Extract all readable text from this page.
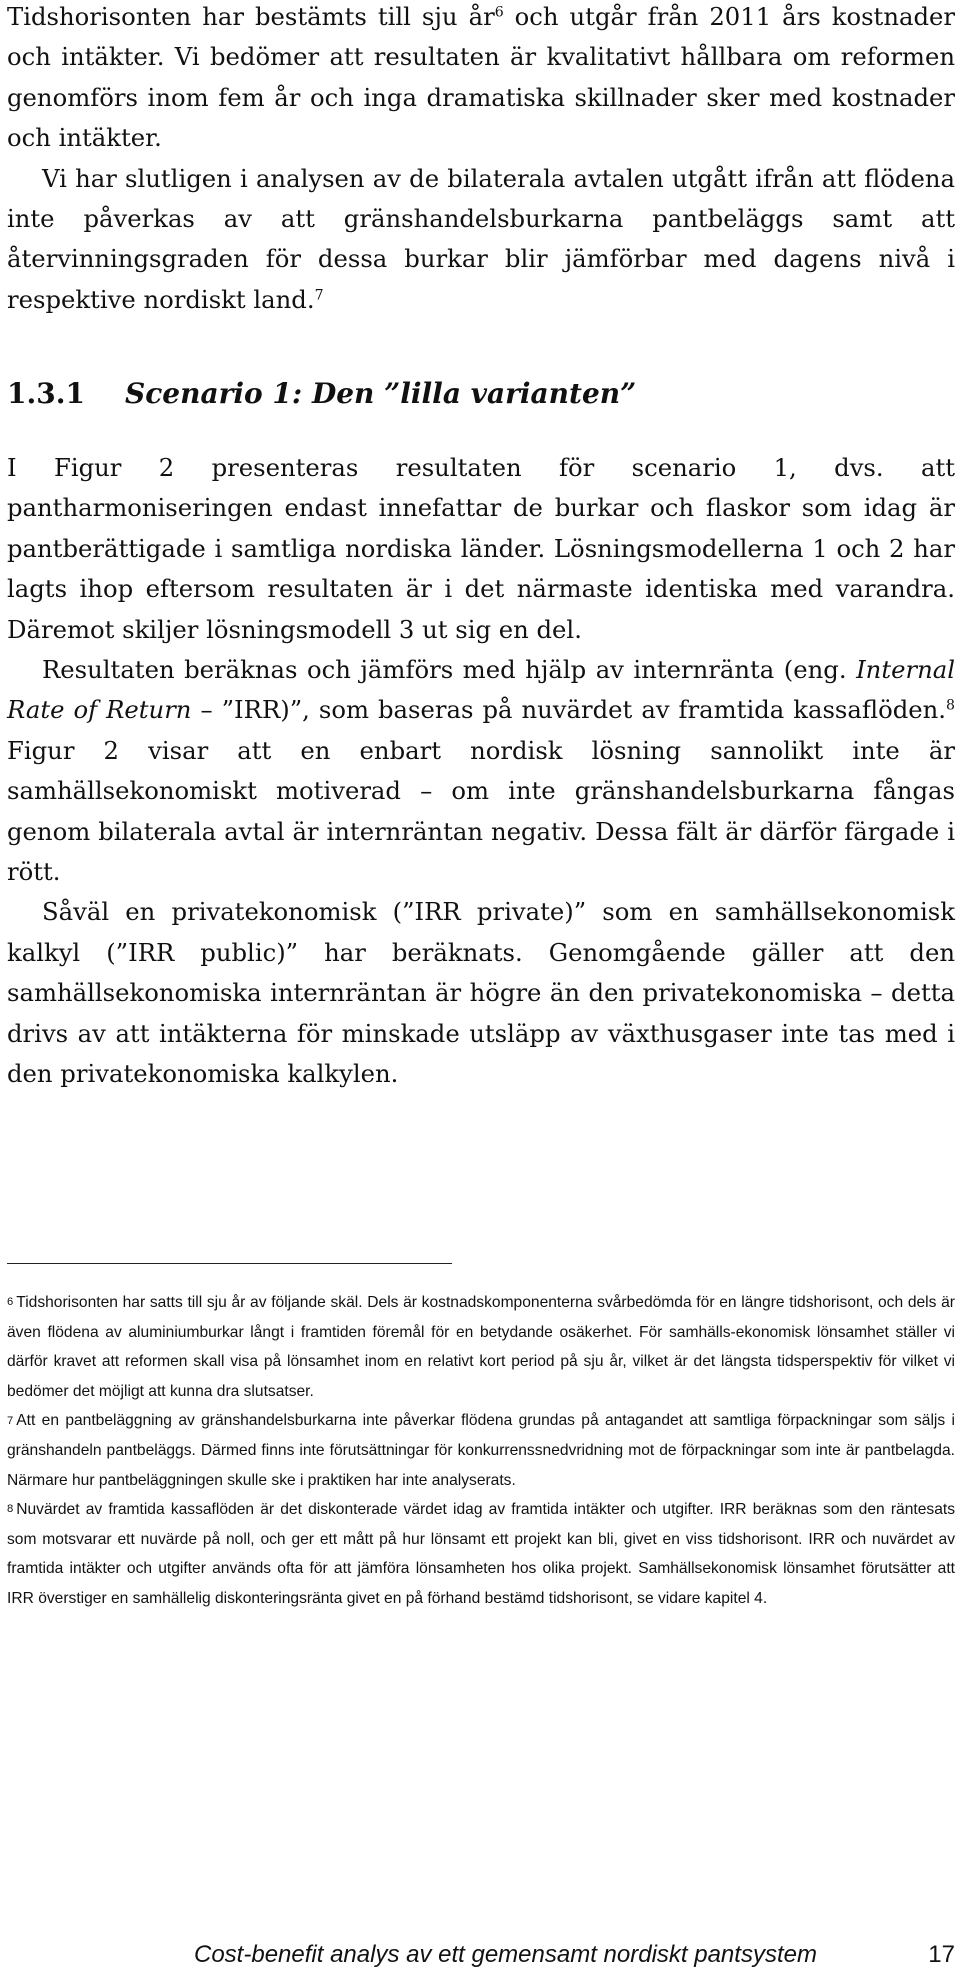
Tidshorisonten har bestämts till sju $år^6$ och utgår från 2011 års kostnader och intäkter. Vi bedömer att resultaten är kvalitativt hållbara om reformen genomförs inom fem år och inga dramatiska skillnader sker med kostnader och intäkter.

Vi har slutligen i analysen av de bilaterala avtalen utgått ifrån att flödena inte påverkas av att gränshandelsburkarna pantbeläggs samt att återvinningsgraden för dessa burkar blir jämförbar med dagens nivå i respektive nordiskt land.$^7$

1.3.1 Scenario 1: Den ”lilla varianten”

I Figur 2 presenteras resultaten för scenario 1, dvs. att pantharmoniseringen endast innefattar de burkar och flaskor som idag är pantberättigade i samtliga nordiska länder. Lösningsmodellerna 1 och 2 har lagts ihop eftersom resultaten är i det närmaste identiska med varandra. Däremot skiljer lösningsmodell 3 ut sig en del.

Resultaten beräknas och jämförs med hjälp av internränta (eng. Internal Rate of Return – ”IRR)”, som baseras på nuvärdet av framtida kassaflöden.$^8$ Figur 2 visar att en enbart nordisk lösning sannolikt inte är samhällsekonomiskt motiverad – om inte gränshandelsburkarna fångas genom bilaterala avtal är internräntan negativ. Dessa fält är därför färgade i rött.

Såväl en privatekonomisk (”IRR private)” som en samhällsekonomisk kalkyl (”IRR public)” har beräknats. Genomgående gäller att den samhällsekonomiska internräntan är högre än den privatekonomiska – detta drivs av att intäkterna för minskade utsläpp av växthusgaser inte tas med i den privatekonomiska kalkylen.

$^6$ Tidshorisonten har satts till sju år av följande skäl. Dels är kostnadskomponenterna svårbedömda för en längre tidshorisont, och dels är även flödena av aluminiumburkar långt i framtiden föremål för en betydande osäkerhet. För samhälls-ekonomisk lönsamhet ställer vi därför kravet att reformen skall visa på lönsamhet inom en relativt kort period på sju år, vilket är det längsta tidsperspektiv för vilket vi bedömer det möjligt att kunna dra slutsatser.

$^7$ Att en pantbeläggning av gränshandelsburkarna inte påverkar flödena grundas på antagandet att samtliga förpackningar som säljs i gränshandeln pantbeläggs. Därmed finns inte förutsättningar för konkurrenssnedvridning mot de förpackningar som inte är pantbelagda. Närmare hur pantbeläggningen skulle ske i praktiken har inte analyserats.

$^8$ Nuvärdet av framtida kassaflöden är det diskonterade värdet idag av framtida intäkter och utgifter. IRR beräknas som den räntesats som motsvarar ett nuvärde på noll, och ger ett mått på hur lönsamt ett projekt kan bli, givet en viss tidshorisont. IRR och nuvärdet av framtida intäkter och utgifter används ofta för att jämföra lönsamheten hos olika projekt. Samhällsekonomisk lönsamhet förutsätter att IRR överstiger en samhällelig diskonteringsränta givet en på förhand bestämd tidshorisont, se vidare kapitel 4.

Cost-benefit analys av ett gemensamt nordiskt pantsystem	17
